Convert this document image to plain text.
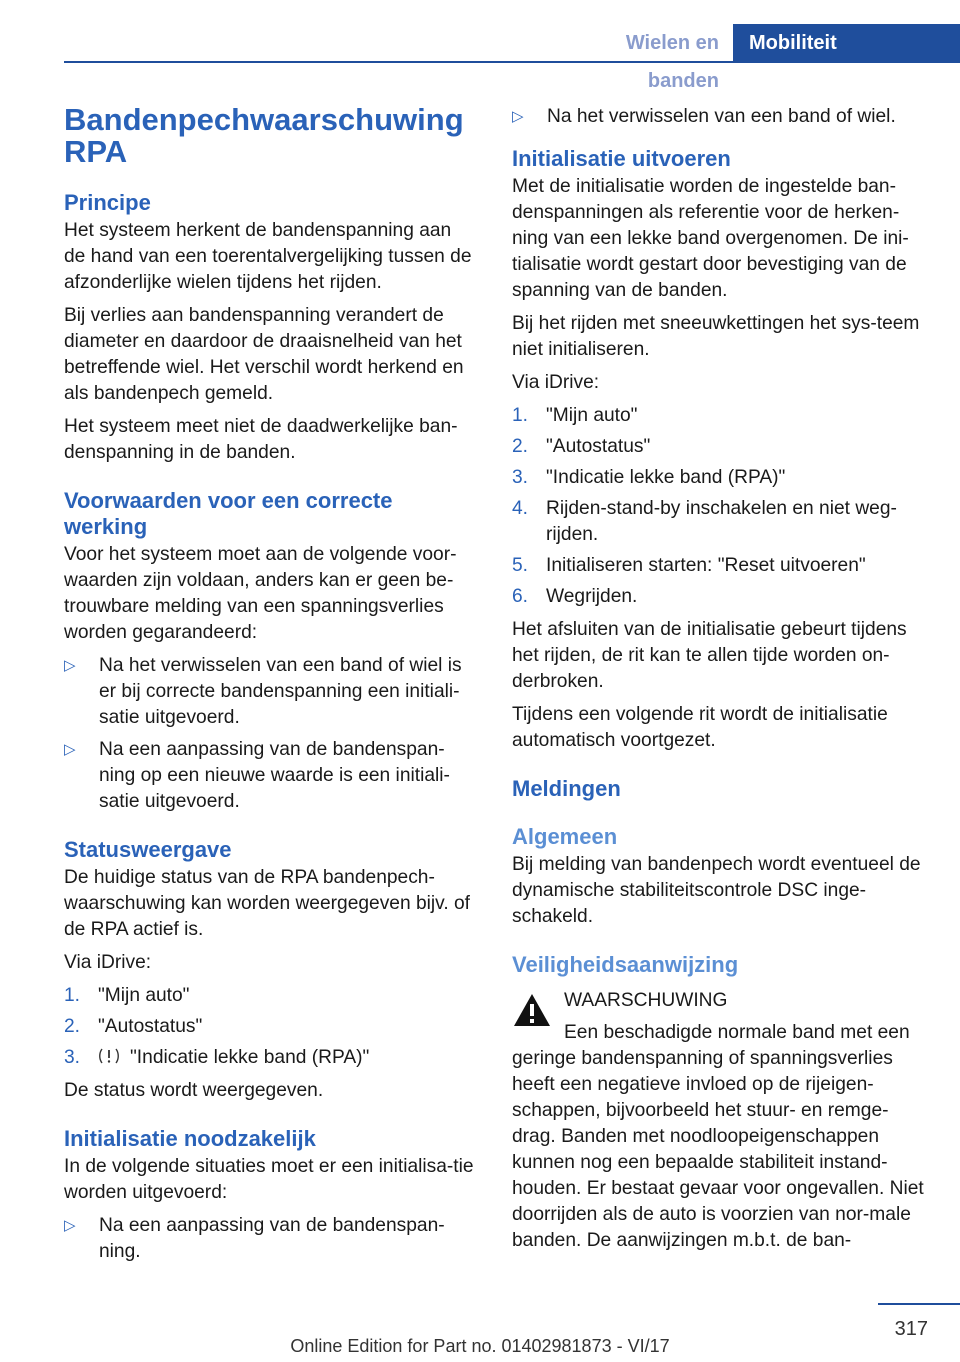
Wielen en banden
Mobiliteit
Bandenpechwaarschuwing RPA
Principe

Het systeem herkent de bandenspanning aan de hand van een toerentalvergelijking tussen de afzonderlijke wielen tijdens het rijden.

Bij verlies aan bandenspanning verandert de diameter en daardoor de draaisnelheid van het betreffende wiel. Het verschil wordt herkend en als bandenpech gemeld.

Het systeem meet niet de daadwerkelijke ban-denspanning in de banden.

Voorwaarden voor een correcte werking

Voor het systeem moet aan de volgende voor-waarden zijn voldaan, anders kan er geen be-trouwbare melding van een spanningsverlies worden gegarandeerd:

▷ Na het verwisselen van een band of wiel is er bij correcte bandenspanning een initiali-satie uitgevoerd.
▷ Na een aanpassing van de bandenspan-ning op een nieuwe waarde is een initiali-satie uitgevoerd.
Statusweergave

De huidige status van de RPA bandenpech-waarschuwing kan worden weergegeven bijv. of de RPA actief is.

Via iDrive:

1. "Mijn auto"
2. "Autostatus"
3.	"Indicatie lekke band (RPA)"

De status wordt weergegeven.

Initialisatie noodzakelijk

In de volgende situaties moet er een initialisa-tie worden uitgevoerd:

▷ Na een aanpassing van de bandenspan-ning.
▷ Na het verwisselen van een band of wiel.
Initialisatie uitvoeren

Met de initialisatie worden de ingestelde ban-denspanningen als referentie voor de herken-ning van een lekke band overgenomen. De ini-tialisatie wordt gestart door bevestiging van de spanning van de banden.

Bij het rijden met sneeuwkettingen het sys-teem niet initialiseren.

Via iDrive:

1. "Mijn auto"
2. "Autostatus"
3. "Indicatie lekke band (RPA)"
4. Rijden-stand-by inschakelen en niet weg-rijden.
5. Initialiseren starten: "Reset uitvoeren"
6. Wegrijden.

Het afsluiten van de initialisatie gebeurt tijdens het rijden, de rit kan te allen tijde worden on-derbroken.

Tijdens een volgende rit wordt de initialisatie automatisch voortgezet.

Meldingen
Algemeen

Bij melding van bandenpech wordt eventueel de dynamische stabiliteitscontrole DSC inge-schakeld.

Veiligheidsaanwijzing
WAARSCHUWING
Een beschadigde normale band met een geringe bandenspanning of spanningsverlies heeft een negatieve invloed op de rijeigen-schappen, bijvoorbeeld het stuur- en remge-drag. Banden met noodloopeigenschappen kunnen nog een bepaalde stabiliteit instand-houden. Er bestaat gevaar voor ongevallen. Niet doorrijden als de auto is voorzien van nor-male banden. De aanwijzingen m.b.t. de ban-
317
Online Edition for Part no. 01402981873 - VI/17
